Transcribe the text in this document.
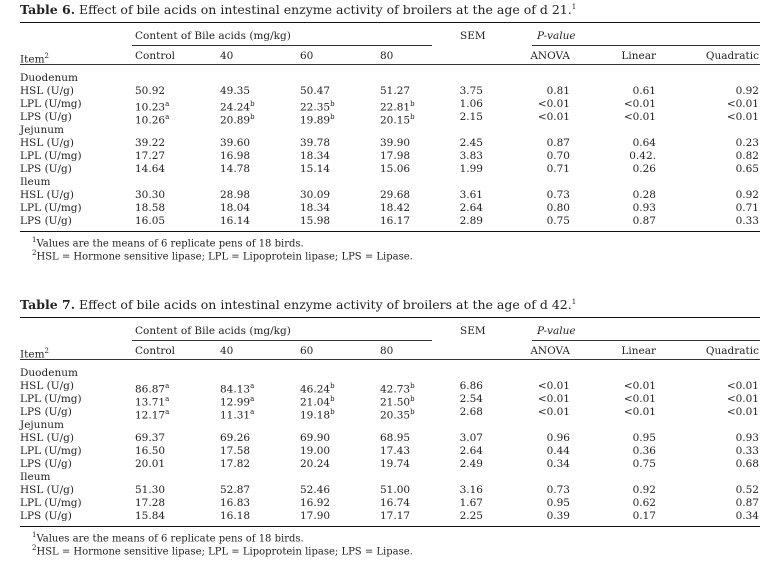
Table 6. Effect of bile acids on intestinal enzyme activity of broilers at the age of d 21.$^1$
Content of Bile acids (mg/kg)	SEM	P-value
Item$^2$	Control	40	60	80	ANOVA	Linear	Quadratic
Duodenum
HSL (U/g)	50.92	49.35	50.47	51.27	3.75	0.81	0.61	0.92
LPL (U/mg)	10.23$^a$	24.24$^b$	22.35$^b$	22.81$^b$	1.06	<0.01	<0.01	<0.01
LPS (U/g)	10.26$^a$	20.89$^b$	19.89$^b$	20.15$^b$	2.15	<0.01	<0.01	<0.01
Jejunum
HSL (U/g)	39.22	39.60	39.78	39.90	2.45	0.87	0.64	0.23
LPL (U/mg)	17.27	16.98	18.34	17.98	3.83	0.70	0.42.	0.82
LPS (U/g)	14.64	14.78	15.14	15.06	1.99	0.71	0.26	0.65
Ileum
HSL (U/g)	30.30	28.98	30.09	29.68	3.61	0.73	0.28	0.92
LPL (U/mg)	18.58	18.04	18.34	18.42	2.64	0.80	0.93	0.71
LPS (U/g)	16.05	16.14	15.98	16.17	2.89	0.75	0.87	0.33
$^1$Values are the means of 6 replicate pens of 18 birds.
$^2$HSL = Hormone sensitive lipase; LPL = Lipoprotein lipase; LPS = Lipase.
Table 7. Effect of bile acids on intestinal enzyme activity of broilers at the age of d 42.$^1$
Content of Bile acids (mg/kg)	SEM	P-value
Item$^2$	Control	40	60	80	ANOVA	Linear	Quadratic
Duodenum
HSL (U/g)	86.87$^a$	84.13$^a$	46.24$^b$	42.73$^b$	6.86	<0.01	<0.01	<0.01
LPL (U/mg)	13.71$^a$	12.99$^a$	21.04$^b$	21.50$^b$	2.54	<0.01	<0.01	<0.01
LPS (U/g)	12.17$^a$	11.31$^a$	19.18$^b$	20.35$^b$	2.68	<0.01	<0.01	<0.01
Jejunum
HSL (U/g)	69.37	69.26	69.90	68.95	3.07	0.96	0.95	0.93
LPL (U/mg)	16.50	17.58	19.00	17.43	2.64	0.44	0.36	0.33
LPS (U/g)	20.01	17.82	20.24	19.74	2.49	0.34	0.75	0.68
Ileum
HSL (U/g)	51.30	52.87	52.46	51.00	3.16	0.73	0.92	0.52
LPL (U/mg)	17.28	16.83	16.92	16.74	1.67	0.95	0.62	0.87
LPS (U/g)	15.84	16.18	17.90	17.17	2.25	0.39	0.17	0.34
$^1$Values are the means of 6 replicate pens of 18 birds.
$^2$HSL = Hormone sensitive lipase; LPL = Lipoprotein lipase; LPS = Lipase.
